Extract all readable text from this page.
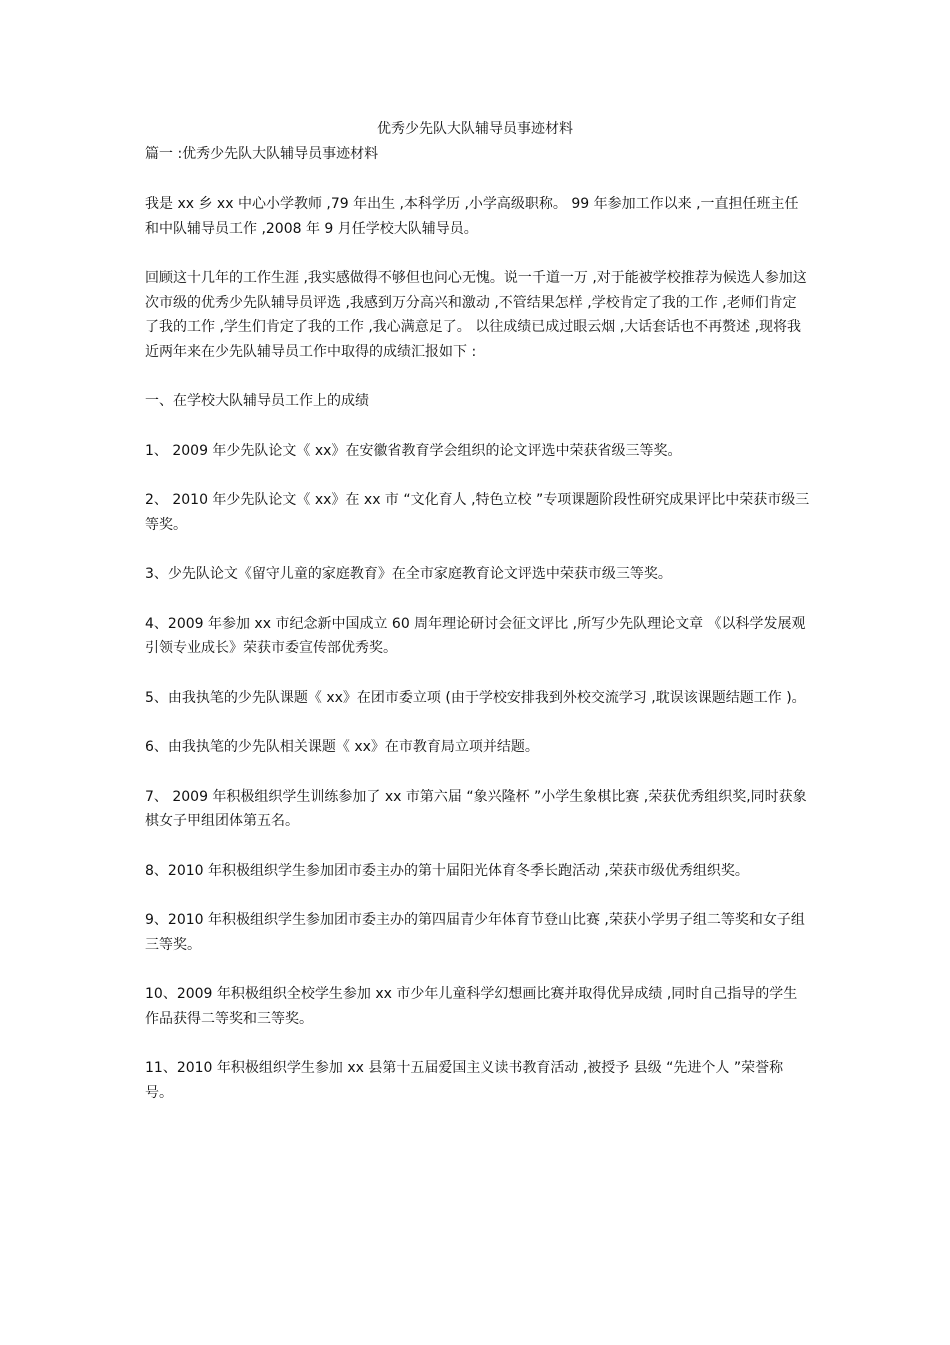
优秀少先队大队辅导员事迹材料
篇一 :优秀少先队大队辅导员事迹材料

我是 xx 乡 xx 中心小学教师 ,79 年出生 ,本科学历 ,小学高级职称。 99 年参加工作以来 ,一直担任班主任和中队辅导员工作 ,2008 年 9 月任学校大队辅导员。

回顾这十几年的工作生涯 ,我实感做得不够但也问心无愧。说一千道一万 ,对于能被学校推荐为候选人参加这次市级的优秀少先队辅导员评选 ,我感到万分高兴和激动 ,不管结果怎样 ,学校肯定了我的工作 ,老师们肯定了我的工作 ,学生们肯定了我的工作 ,我心满意足了。 以往成绩已成过眼云烟 ,大话套话也不再赘述 ,现将我近两年来在少先队辅导员工作中取得的成绩汇报如下 :

一、在学校大队辅导员工作上的成绩

1、 2009 年少先队论文《 xx》在安徽省教育学会组织的论文评选中荣获省级三等奖。

2、 2010 年少先队论文《 xx》在 xx 市 “文化育人 ,特色立校 ”专项课题阶段性研究成果评比中荣获市级三等奖。

3、少先队论文《留守儿童的家庭教育》在全市家庭教育论文评选中荣获市级三等奖。

4、2009 年参加 xx 市纪念新中国成立 60 周年理论研讨会征文评比 ,所写少先队理论文章 《以科学发展观引领专业成长》荣获市委宣传部优秀奖。

5、由我执笔的少先队课题《 xx》在团市委立项 (由于学校安排我到外校交流学习 ,耽误该课题结题工作 )。

6、由我执笔的少先队相关课题《 xx》在市教育局立项并结题。

7、 2009 年积极组织学生训练参加了 xx 市第六届 “象兴隆杯 ”小学生象棋比赛 ,荣获优秀组织奖,同时获象棋女子甲组团体第五名。

8、2010 年积极组织学生参加团市委主办的第十届阳光体育冬季长跑活动 ,荣获市级优秀组织奖。

9、2010 年积极组织学生参加团市委主办的第四届青少年体育节登山比赛 ,荣获小学男子组二等奖和女子组三等奖。

10、2009 年积极组织全校学生参加 xx 市少年儿童科学幻想画比赛并取得优异成绩 ,同时自己指导的学生作品获得二等奖和三等奖。

11、2010 年积极组织学生参加 xx 县第十五届爱国主义读书教育活动 ,被授予 县级 “先进个人 ”荣誉称号。
